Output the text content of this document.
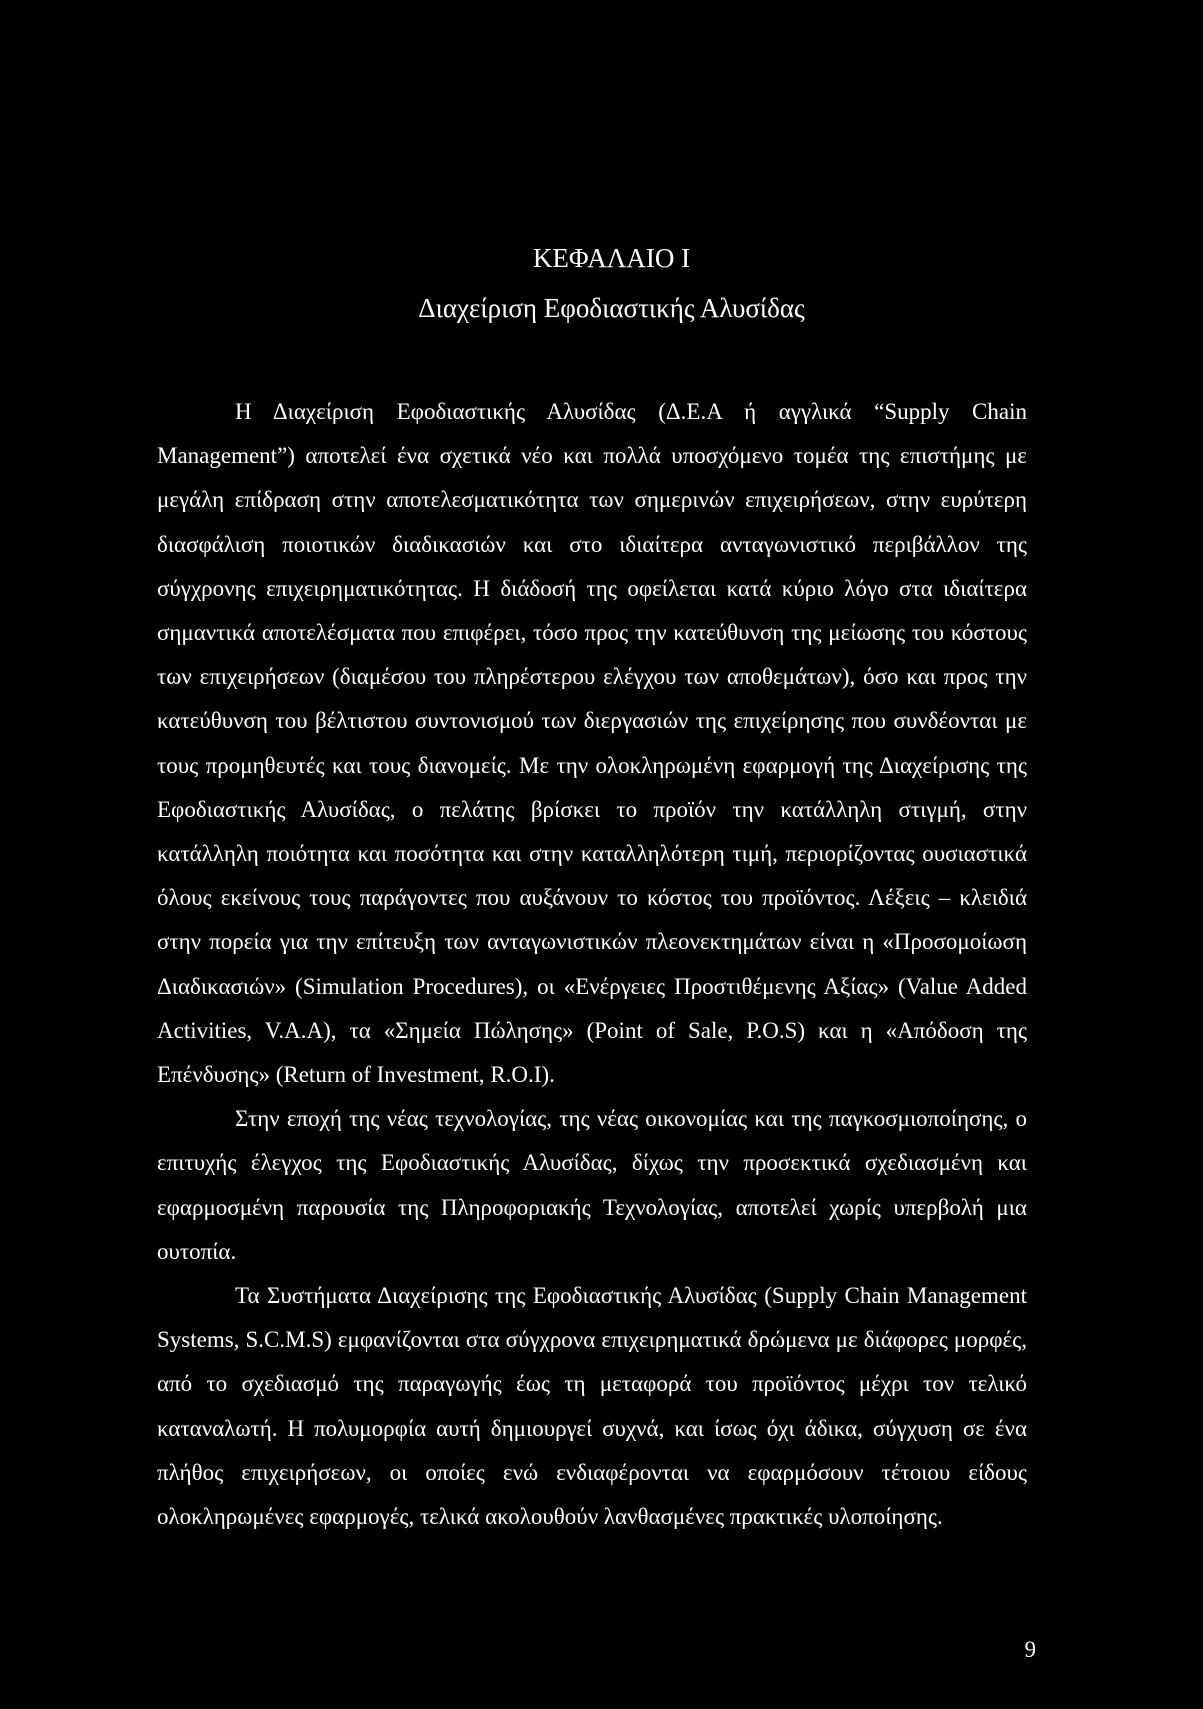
ΚΕΦΑΛΑΙΟ Ι
Διαχείριση Εφοδιαστικής Αλυσίδας

Η Διαχείριση Εφοδιαστικής Αλυσίδας (Δ.Ε.Α ή αγγλικά “Supply Chain Management”) αποτελεί ένα σχετικά νέο και πολλά υποσχόμενο τομέα της επιστήμης με μεγάλη επίδραση στην αποτελεσματικότητα των σημερινών επιχειρήσεων, στην ευρύτερη διασφάλιση ποιοτικών διαδικασιών και στο ιδιαίτερα ανταγωνιστικό περιβάλλον της σύγχρονης επιχειρηματικότητας. Η διάδοσή της οφείλεται κατά κύριο λόγο στα ιδιαίτερα σημαντικά αποτελέσματα που επιφέρει, τόσο προς την κατεύθυνση της μείωσης του κόστους των επιχειρήσεων (διαμέσου του πληρέστερου ελέγχου των αποθεμάτων), όσο και προς την κατεύθυνση του βέλτιστου συντονισμού των διεργασιών της επιχείρησης που συνδέονται με τους προμηθευτές και τους διανομείς. Με την ολοκληρωμένη εφαρμογή της Διαχείρισης της Εφοδιαστικής Αλυσίδας, ο πελάτης βρίσκει το προϊόν την κατάλληλη στιγμή, στην κατάλληλη ποιότητα και ποσότητα και στην καταλληλότερη τιμή, περιορίζοντας ουσιαστικά όλους εκείνους τους παράγοντες που αυξάνουν το κόστος του προϊόντος. Λέξεις – κλειδιά στην πορεία για την επίτευξη των ανταγωνιστικών πλεονεκτημάτων είναι η «Προσομοίωση Διαδικασιών» (Simulation Procedures), οι «Ενέργειες Προστιθέμενης Αξίας» (Value Added Activities, V.A.A), τα «Σημεία Πώλησης» (Point of Sale, P.O.S) και η «Απόδοση της Επένδυσης» (Return of Investment, R.O.I).

Στην εποχή της νέας τεχνολογίας, της νέας οικονομίας και της παγκοσμιοποίησης, ο επιτυχής έλεγχος της Εφοδιαστικής Αλυσίδας, δίχως την προσεκτικά σχεδιασμένη και εφαρμοσμένη παρουσία της Πληροφοριακής Τεχνολογίας, αποτελεί χωρίς υπερβολή μια ουτοπία.

Τα Συστήματα Διαχείρισης της Εφοδιαστικής Αλυσίδας (Supply Chain Management Systems, S.C.M.S) εμφανίζονται στα σύγχρονα επιχειρηματικά δρώμενα με διάφορες μορφές, από το σχεδιασμό της παραγωγής έως τη μεταφορά του προϊόντος μέχρι τον τελικό καταναλωτή. Η πολυμορφία αυτή δημιουργεί συχνά, και ίσως όχι άδικα, σύγχυση σε ένα πλήθος επιχειρήσεων, οι οποίες ενώ ενδιαφέρονται να εφαρμόσουν τέτοιου είδους ολοκληρωμένες εφαρμογές, τελικά ακολουθούν λανθασμένες πρακτικές υλοποίησης.

9
